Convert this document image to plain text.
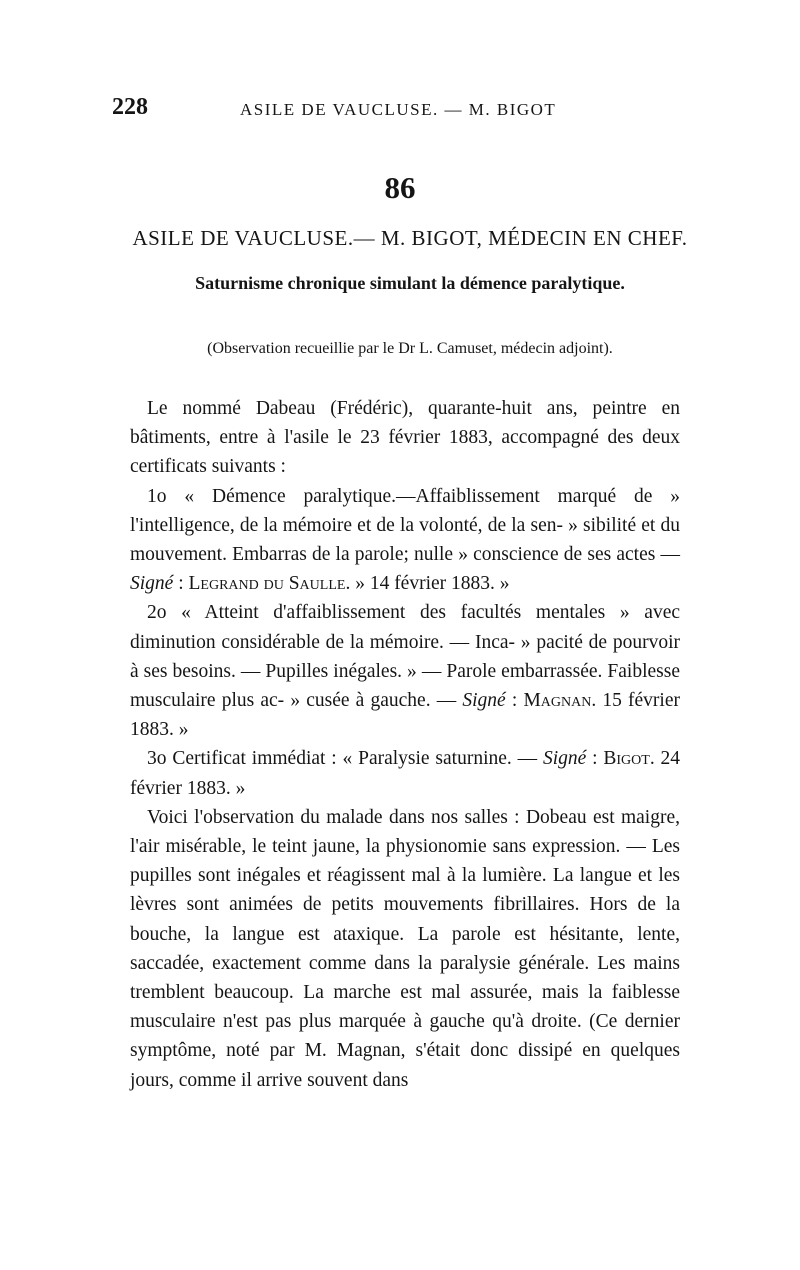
228	ASILE DE VAUCLUSE. — M. BIGOT
86
ASILE DE VAUCLUSE.— M. BIGOT, MÉDECIN EN CHEF.
Saturnisme chronique simulant la démence paralytique.
(Observation recueillie par le Dr L. Camuset, médecin adjoint).

Le nommé Dabeau (Frédéric), quarante-huit ans, peintre en bâtiments, entre à l'asile le 23 février 1883, accompagné des deux certificats suivants :

1o « Démence paralytique.—Affaiblissement marqué de » l'intelligence, de la mémoire et de la volonté, de la sen- » sibilité et du mouvement. Embarras de la parole; nulle » conscience de ses actes — Signé : Legrand du Saulle. » 14 février 1883. »

2o « Atteint d'affaiblissement des facultés mentales » avec diminution considérable de la mémoire. — Inca- » pacité de pourvoir à ses besoins. — Pupilles inégales. » — Parole embarrassée. Faiblesse musculaire plus ac- » cusée à gauche. — Signé : Magnan. 15 février 1883. »

3o Certificat immédiat : « Paralysie saturnine. — Signé : Bigot. 24 février 1883. »

Voici l'observation du malade dans nos salles : Dobeau est maigre, l'air misérable, le teint jaune, la physionomie sans expression. — Les pupilles sont inégales et réagissent mal à la lumière. La langue et les lèvres sont animées de petits mouvements fibrillaires. Hors de la bouche, la langue est ataxique. La parole est hésitante, lente, saccadée, exactement comme dans la paralysie générale. Les mains tremblent beaucoup. La marche est mal assurée, mais la faiblesse musculaire n'est pas plus marquée à gauche qu'à droite. (Ce dernier symptôme, noté par M. Magnan, s'était donc dissipé en quelques jours, comme il arrive souvent dans
